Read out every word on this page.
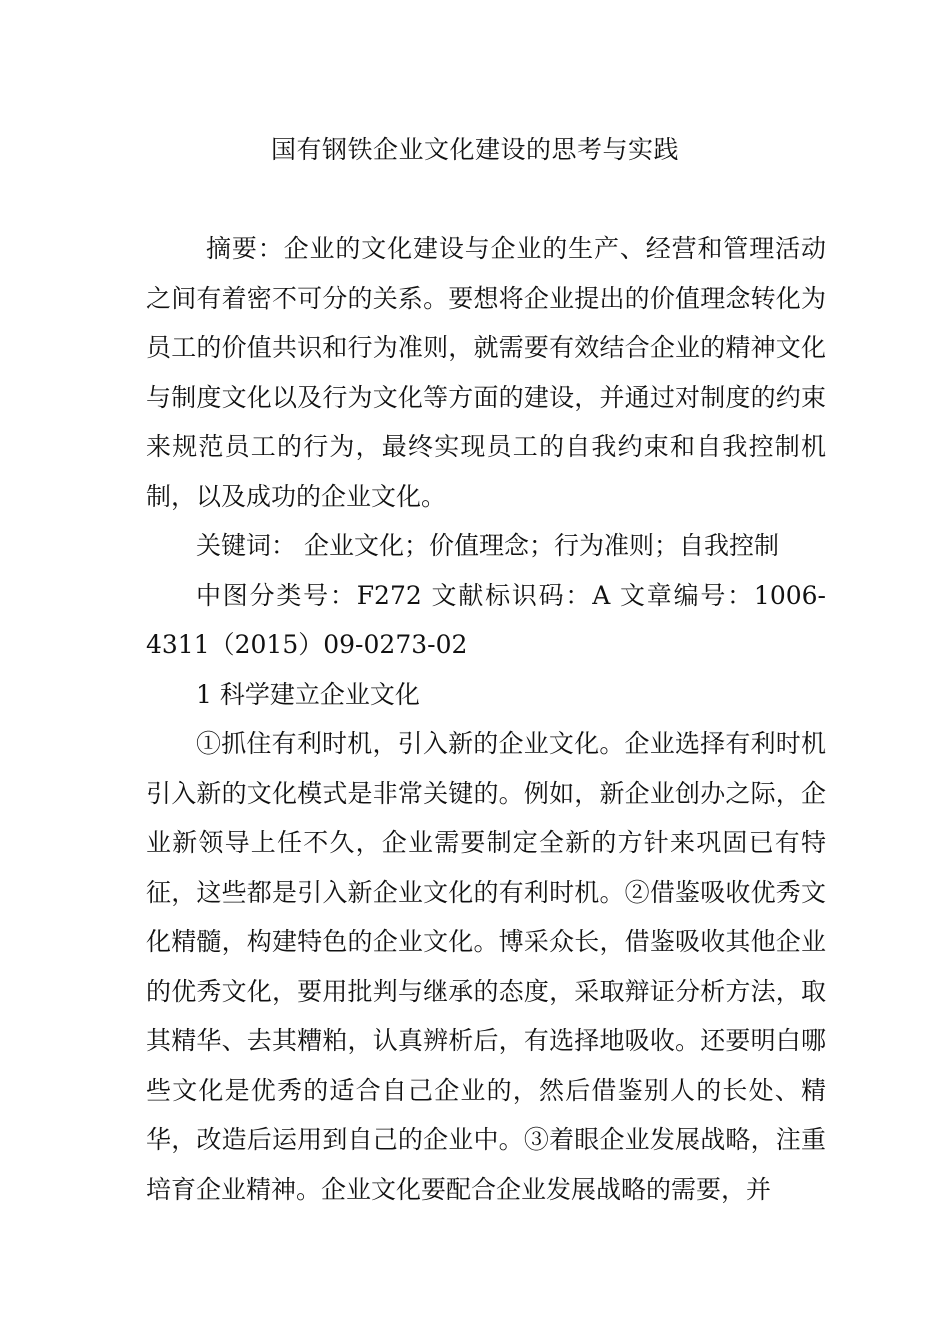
国有钢铁企业文化建设的思考与实践

摘要：企业的文化建设与企业的生产、经营和管理活动之间有着密不可分的关系。要想将企业提出的价值理念转化为员工的价值共识和行为准则，就需要有效结合企业的精神文化与制度文化以及行为文化等方面的建设，并通过对制度的约束来规范员工的行为，最终实现员工的自我约束和自我控制机制，以及成功的企业文化。

关键词： 企业文化；价值理念；行为准则；自我控制

中图分类号：F272 文献标识码：A 文章编号：1006-4311（2015）09-0273-02

1 科学建立企业文化

①抓住有利时机，引入新的企业文化。企业选择有利时机引入新的文化模式是非常关键的。例如，新企业创办之际，企业新领导上任不久，企业需要制定全新的方针来巩固已有特征，这些都是引入新企业文化的有利时机。②借鉴吸收优秀文化精髓，构建特色的企业文化。博采众长，借鉴吸收其他企业的优秀文化，要用批判与继承的态度，采取辩证分析方法，取其精华、去其糟粕，认真辨析后，有选择地吸收。还要明白哪些文化是优秀的适合自己企业的，然后借鉴别人的长处、精华，改造后运用到自己的企业中。③着眼企业发展战略，注重培育企业精神。企业文化要配合企业发展战略的需要，并
